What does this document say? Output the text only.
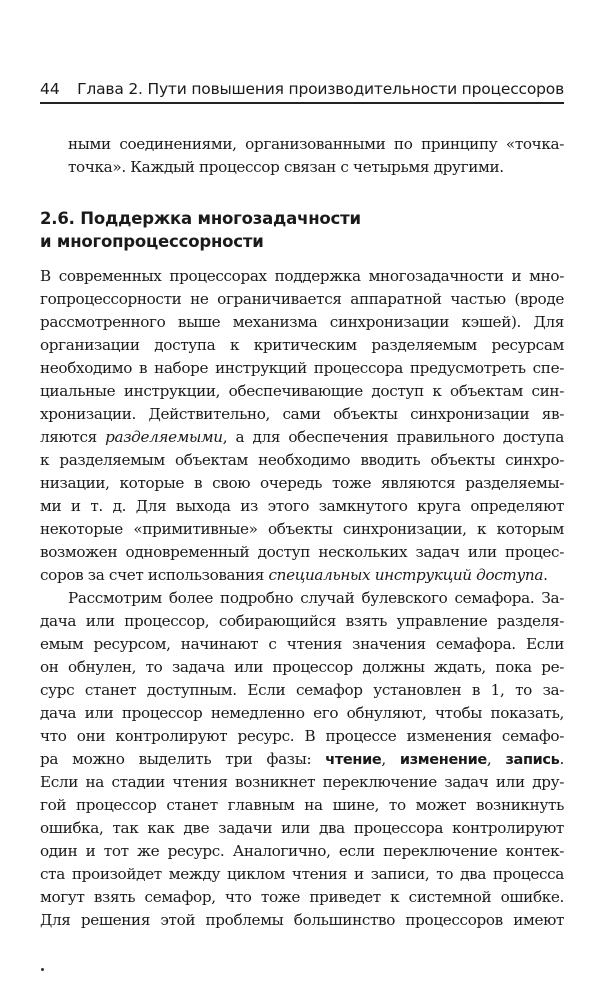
44 Глава 2. Пути повышения производительности процессоров
ными соединениями, организованными по принципу «точка-
точка». Каждый процессор связан с четырьмя другими.
2.6. Поддержка многозадачности
и многопроцессорности
В современных процессорах поддержка многозадачности и мно-
гопроцессорности не ограничивается аппаратной частью (вроде
рассмотренного выше механизма синхронизации кэшей). Для
организации доступа к критическим разделяемым ресурсам
необходимо в наборе инструкций процессора предусмотреть спе-
циальные инструкции, обеспечивающие доступ к объектам син-
хронизации. Действительно, сами объекты синхронизации яв-
ляются разделяемыми, а для обеспечения правильного доступа
к разделяемым объектам необходимо вводить объекты синхро-
низации, которые в свою очередь тоже являются разделяемы-
ми и т. д. Для выхода из этого замкнутого круга определяют
некоторые «примитивные» объекты синхронизации, к которым
возможен одновременный доступ нескольких задач или процес-
соров за счет использования специальных инструкций доступа.
Рассмотрим более подробно случай булевского семафора. За-
дача или процессор, собирающийся взять управление разделя-
емым ресурсом, начинают с чтения значения семафора. Если
он обнулен, то задача или процессор должны ждать, пока ре-
сурс станет доступным. Если семафор установлен в 1, то за-
дача или процессор немедленно его обнуляют, чтобы показать,
что они контролируют ресурс. В процессе изменения семафо-
ра можно выделить три фазы: чтение, изменение, запись.
Если на стадии чтения возникнет переключение задач или дру-
гой процессор станет главным на шине, то может возникнуть
ошибка, так как две задачи или два процессора контролируют
один и тот же ресурс. Аналогично, если переключение контек-
ста произойдет между циклом чтения и записи, то два процесса
могут взять семафор, что тоже приведет к системной ошибке.
Для решения этой проблемы большинство процессоров имеют
